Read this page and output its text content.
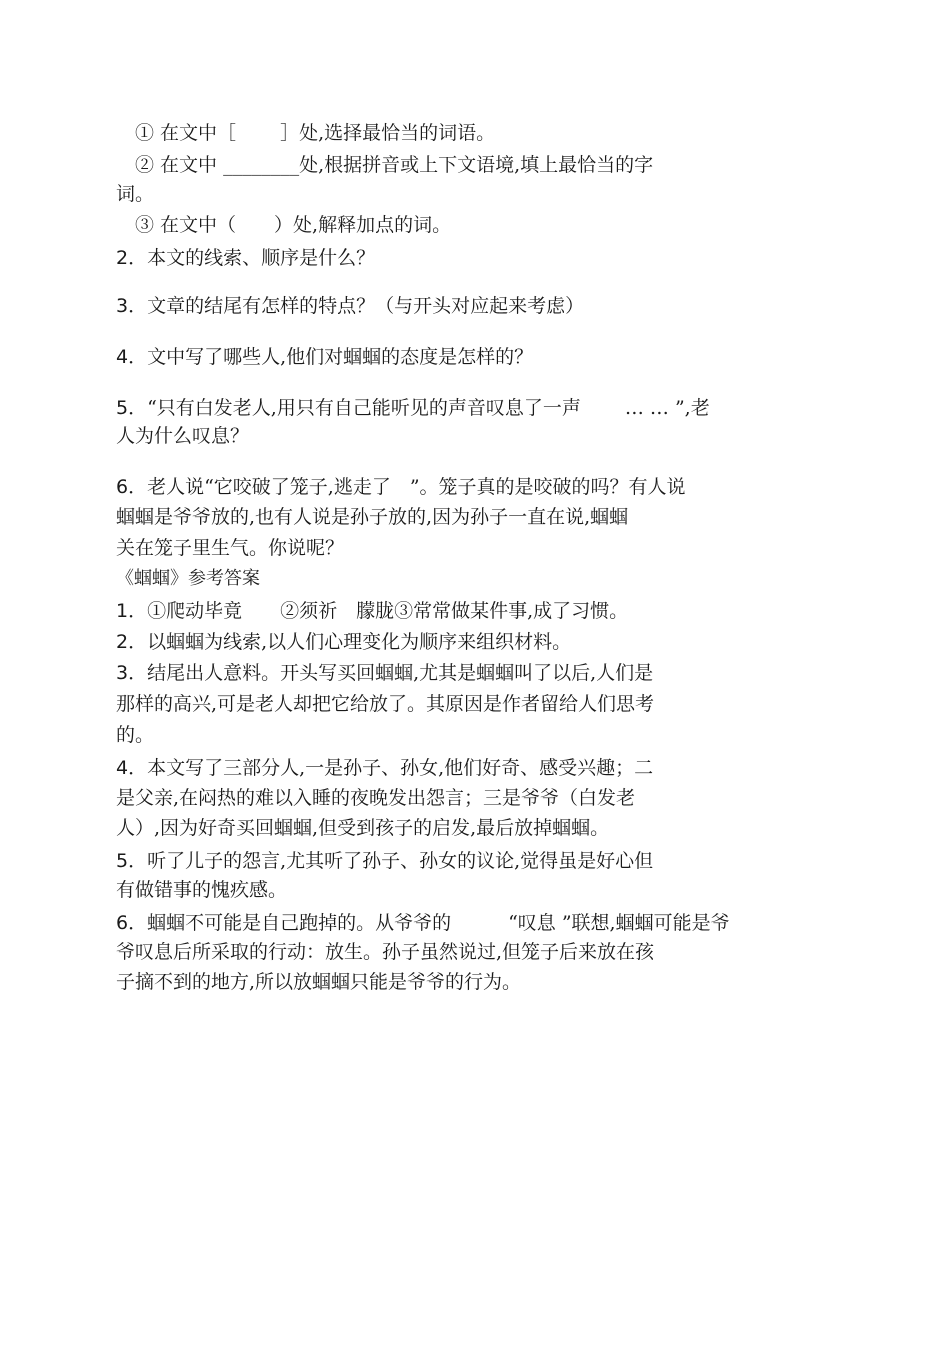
① 在文中［　　 ］处,选择最恰当的词语。
② 在文中 ________处,根据拼音或上下文语境,填上最恰当的字
词。
③ 在文中（　　）处,解释加点的词。
2．本文的线索、顺序是什么？
3．文章的结尾有怎样的特点？（与开头对应起来考虑）
4．文中写了哪些人,他们对蝈蝈的态度是怎样的？
5．“只有白发老人,用只有自己能听见的声音叹息了一声　　 … … ”,老
人为什么叹息？
6．老人说“它咬破了笼子,逃走了　”。笼子真的是咬破的吗？有人说
蝈蝈是爷爷放的,也有人说是孙子放的,因为孙子一直在说,蝈蝈
关在笼子里生气。你说呢？
《蝈蝈》参考答案
1．①爬动毕竟　　②须祈　朦胧③常常做某件事,成了习惯。
2．以蝈蝈为线索,以人们心理变化为顺序来组织材料。
3．结尾出人意料。开头写买回蝈蝈,尤其是蝈蝈叫了以后,人们是
那样的高兴,可是老人却把它给放了。其原因是作者留给人们思考
的。
4．本文写了三部分人,一是孙子、孙女,他们好奇、感受兴趣；二
是父亲,在闷热的难以入睡的夜晚发出怨言；三是爷爷（白发老
人）,因为好奇买回蝈蝈,但受到孩子的启发,最后放掉蝈蝈。
5．听了儿子的怨言,尤其听了孙子、孙女的议论,觉得虽是好心但
有做错事的愧疚感。
6．蝈蝈不可能是自己跑掉的。从爷爷的　　　“叹息 ”联想,蝈蝈可能是爷
爷叹息后所采取的行动：放生。孙子虽然说过,但笼子后来放在孩
子摘不到的地方,所以放蝈蝈只能是爷爷的行为。
